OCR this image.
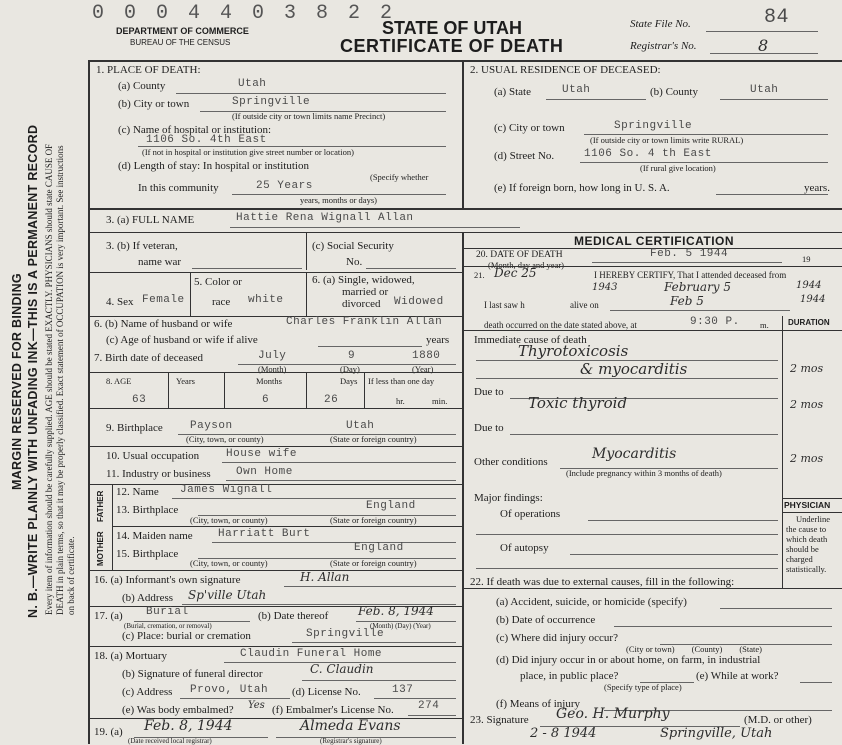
N. B.—WRITE PLAINLY WITH UNFADING INK—THIS IS A PERMANENT RECORD
MARGIN RESERVED FOR BINDING Every item of information should be carefully supplied. AGE should be stated EXACTLY. PHYSICIANS should state CAUSE OF DEATH in plain terms, so that it may be properly classified. Exact statement of OCCUPATION is very important. See instructions on back of certificate.
0 0 0 4 4 0 3 8 2 2
DEPARTMENT OF COMMERCE
BUREAU OF THE CENSUS
STATE OF UTAH
CERTIFICATE OF DEATH
State File No.	84
Registrar's No.	8
1. PLACE OF DEATH:
(a) County	Utah
(b) City or town	Springville
(If outside city or town limits name Precinct)
(c) Name of hospital or institution:
1106 So. 4th East
(If not in hospital or institution give street number or location)
(d) Length of stay: In hospital or institution
(Specify whether
In this community	25 Years
years, months or days)
2. USUAL RESIDENCE OF DECEASED:
(a) State	Utah	(b) County	Utah
(c) City or town	Springville
(If outside city or town limits write RURAL)
(d) Street No.	1106 So. 4 th East
(If rural give location)
(e) If foreign born, how long in U. S. A.	years.
3. (a) FULL NAME	Hattie Rena Wignall Allan
3. (b) If veteran,
name war
(c) Social Security
No.
4. Sex Female
5. Color or
race white
6. (a) Single, widowed,
married or
divorced Widowed
6. (b) Name of husband or wife	Charles Franklin Allan
(c) Age of husband or wife if alive	years
7. Birth date of deceased	July	9	1880
(Month)	(Day)	(Year)
8. AGE	Years	Months	Days If less than one day
63	6	26	hr.	min.
9. Birthplace Payson	Utah
(City, town, or county)	(State or foreign country)
10. Usual occupation House wife
11. Industry or business Own Home
FATHER
MOTHER
12. Name James Wignall
13. Birthplace	England
(City, town, or county)	(State or foreign country)
14. Maiden name Harriatt Burt
15. Birthplace	England
(City, town, or county)	(State or foreign country)
16. (a) Informant's own signature	H. Allan
(b) Address Sp'ville Utah
17. (a) Burial
(Burial, cremation, or removal)
(b) Date thereof Feb. 8, 1944
(Month) (Day) (Year)
(c) Place: burial or cremation	Springville
18. (a) Mortuary	Claudin Funeral Home
(b) Signature of funeral director	C. Claudin
(c) Address Provo, Utah (d) License No.	137
(e) Was body embalmed? Yes (f) Embalmer's License No. 274
19. (a) Feb. 8, 1944
(Date received local registrar)
Almeda Evans
(Registrar's signature)
MEDICAL CERTIFICATION
20. DATE OF DEATH
(Month, day and year)
Feb. 5 1944	19
21. Dec 25	I HEREBY CERTIFY, That I attended deceased from
1943	February 5	1944
I last saw h	alive on	Feb 5	1944
death occurred on the date stated above, at	9:30 P. m. DURATION
Immediate cause of death
Thyrotoxicosis
& myocarditis	2 mos
Due to
Toxic thyroid	2 mos
Due to
Other conditions	Myocarditis
(Include pregnancy within 3 months of death)
2 mos
Major findings:
Of operations
Of autopsy
PHYSICIAN
Underline
the cause to
which death
should be
charged
statistically.
22. If death was due to external causes, fill in the following:
(a) Accident, suicide, or homicide (specify)
(b) Date of occurrence
(c) Where did injury occur?
(City or town)        (County)        (State)
(d) Did injury occur in or about home, on farm, in industrial
place, in public place?	(e) While at work?
(Specify type of place)
(f) Means of injury
23. Signature Geo. H. Murphy	(M.D. or other)
2 - 8 1944	Springville, Utah
